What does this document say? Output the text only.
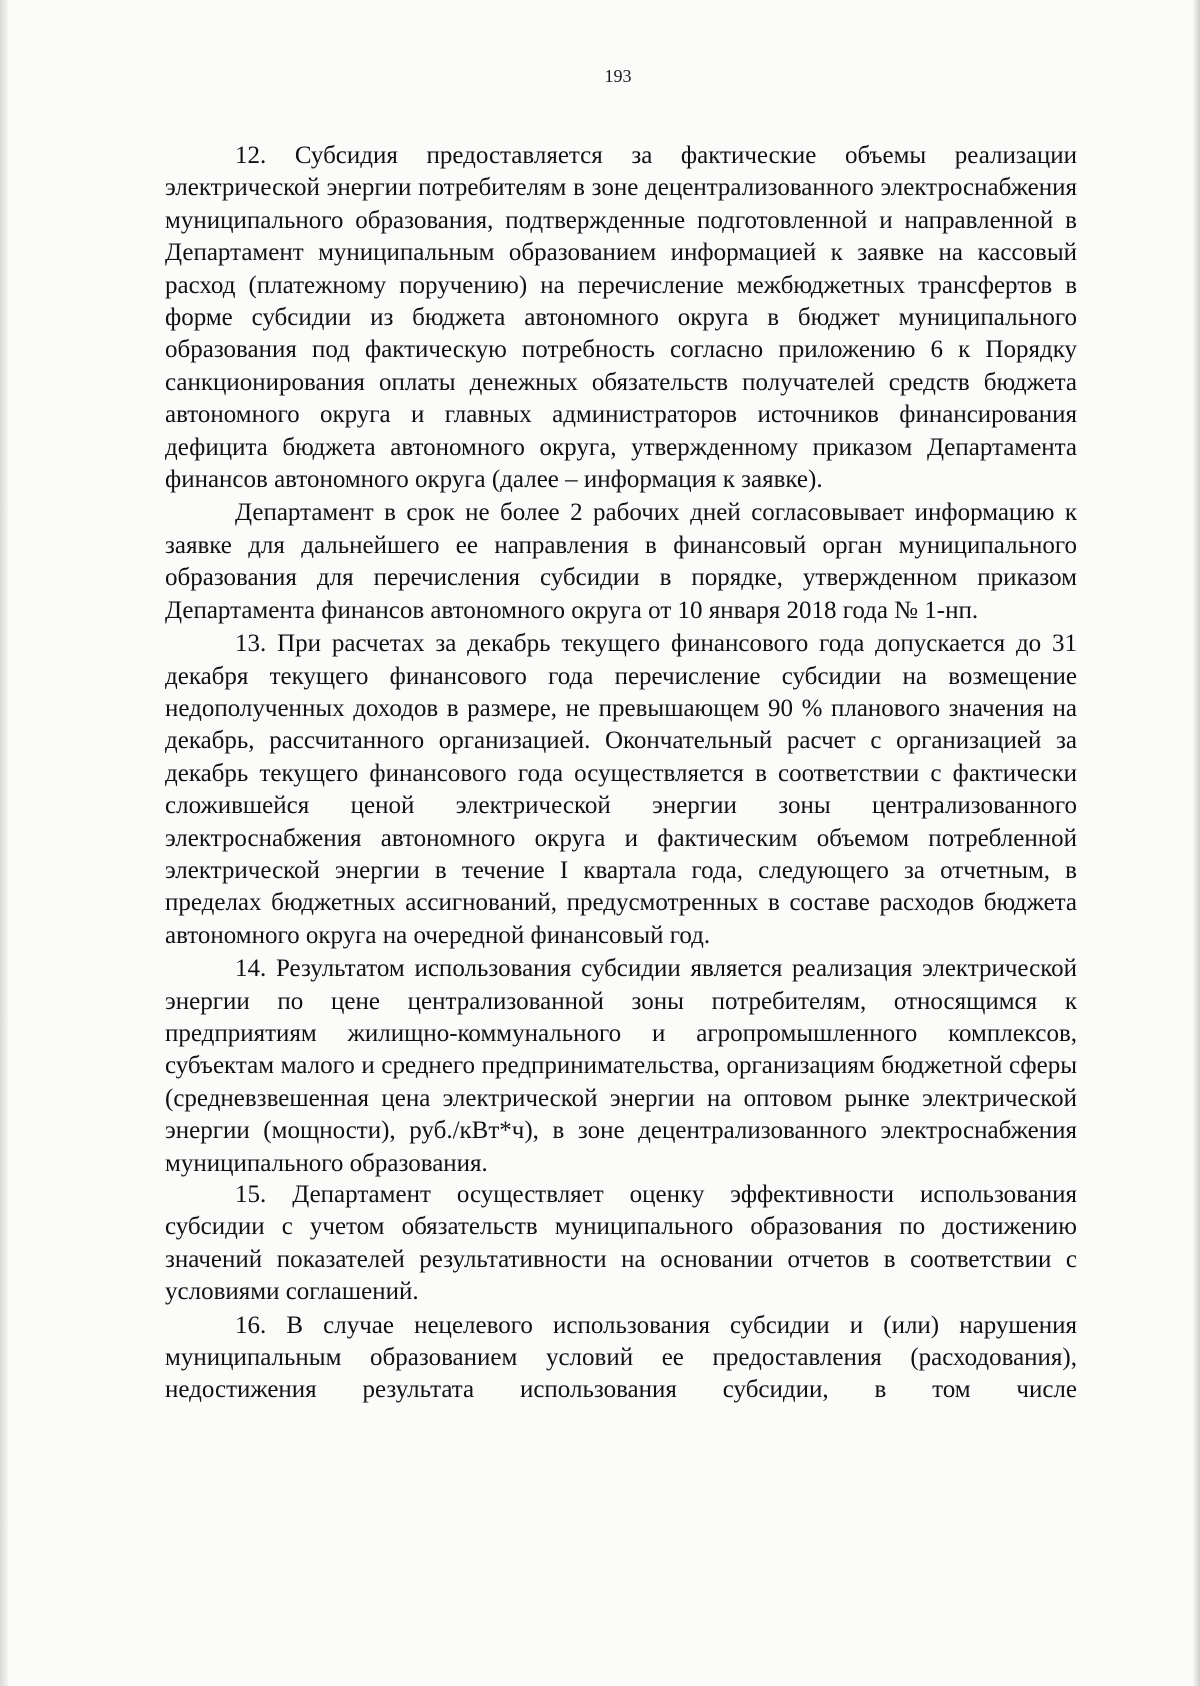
193

12. Субсидия предоставляется за фактические объемы реализации электрической энергии потребителям в зоне децентрализованного электроснабжения муниципального образования, подтвержденные подготовленной и направленной в Департамент муниципальным образованием информацией к заявке на кассовый расход (платежному поручению) на перечисление межбюджетных трансфертов в форме субсидии из бюджета автономного округа в бюджет муниципального образования под фактическую потребность согласно приложению 6 к Порядку санкционирования оплаты денежных обязательств получателей средств бюджета автономного округа и главных администраторов источников финансирования дефицита бюджета автономного округа, утвержденному приказом Департамента финансов автономного округа (далее – информация к заявке).

Департамент в срок не более 2 рабочих дней согласовывает информацию к заявке для дальнейшего ее направления в финансовый орган муниципального образования для перечисления субсидии в порядке, утвержденном приказом Департамента финансов автономного округа от 10 января 2018 года № 1-нп.

13. При расчетах за декабрь текущего финансового года допускается до 31 декабря текущего финансового года перечисление субсидии на возмещение недополученных доходов в размере, не превышающем 90 % планового значения на декабрь, рассчитанного организацией. Окончательный расчет с организацией за декабрь текущего финансового года осуществляется в соответствии с фактически сложившейся ценой электрической энергии зоны централизованного электроснабжения автономного округа и фактическим объемом потребленной электрической энергии в течение I квартала года, следующего за отчетным, в пределах бюджетных ассигнований, предусмотренных в составе расходов бюджета автономного округа на очередной финансовый год.

14. Результатом использования субсидии является реализация электрической энергии по цене централизованной зоны потребителям, относящимся к предприятиям жилищно-коммунального и агропромышленного комплексов, субъектам малого и среднего предпринимательства, организациям бюджетной сферы (средневзвешенная цена электрической энергии на оптовом рынке электрической энергии (мощности), руб./кВт*ч), в зоне децентрализованного электроснабжения муниципального образования.

15. Департамент осуществляет оценку эффективности использования субсидии с учетом обязательств муниципального образования по достижению значений показателей результативности на основании отчетов в соответствии с условиями соглашений.

16. В случае нецелевого использования субсидии и (или) нарушения муниципальным образованием условий ее предоставления (расходования), недостижения результата использования субсидии, в том числе
